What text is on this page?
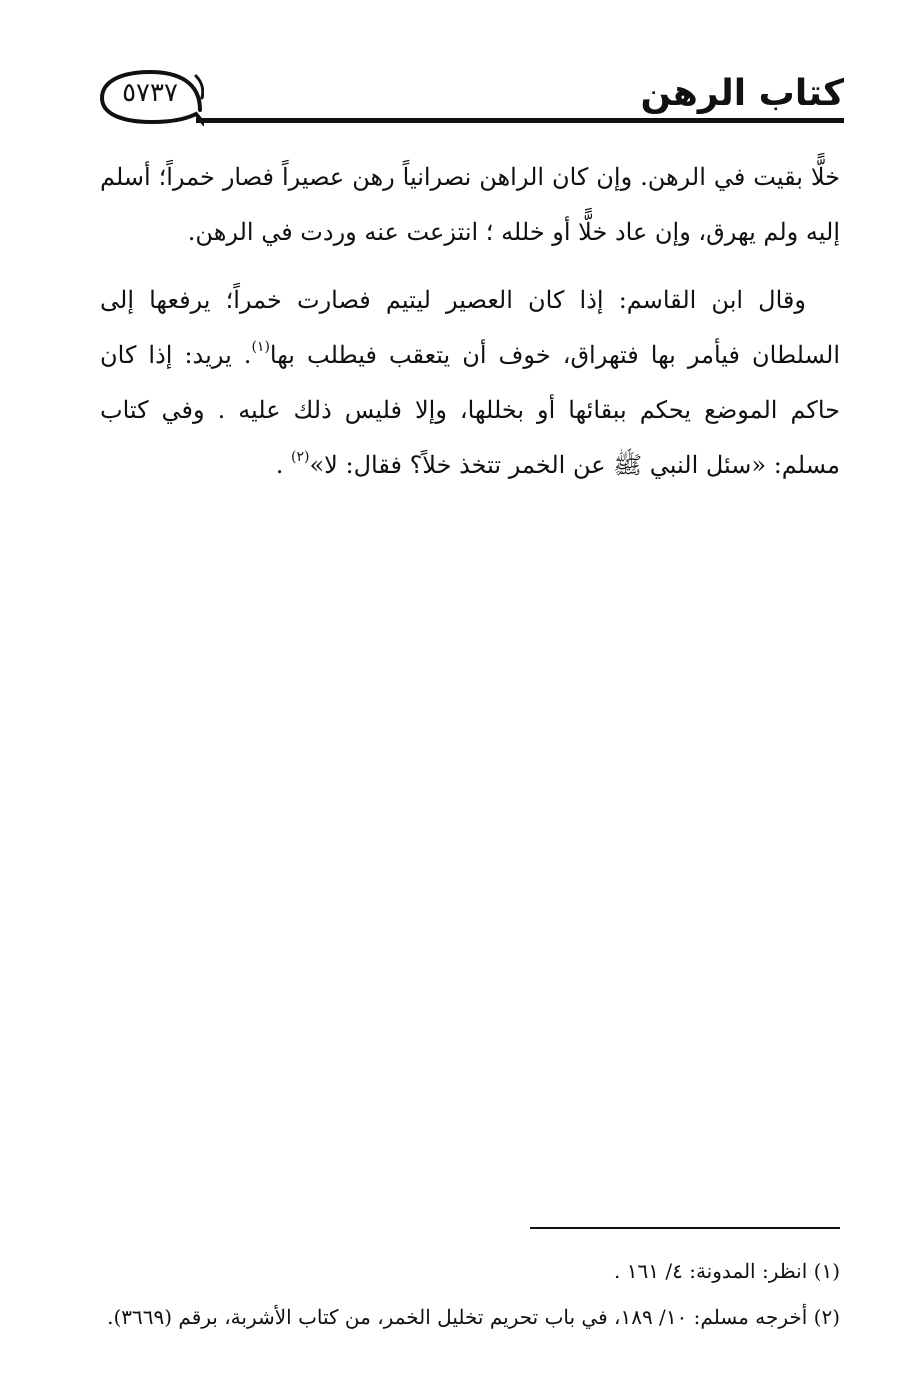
كتاب الرهن
٥٧٣٧

خلًّا بقيت في الرهن. وإن كان الراهن نصرانياً رهن عصيراً فصار خمراً؛ أسلم إليه ولم يهرق، وإن عاد خلًّا أو خلله ؛ انتزعت عنه وردت في الرهن.

وقال ابن القاسم: إذا كان العصير ليتيم فصارت خمراً؛ يرفعها إلى السلطان فيأمر بها فتهراق، خوف أن يتعقب فيطلب بها$^{(١)}$. يريد: إذا كان حاكم الموضع يحكم ببقائها أو بخللها، وإلا فليس ذلك عليه . وفي كتاب مسلم: «سئل النبي ﷺ عن الخمر تتخذ خلاً؟ فقال: لا»$^{(٢)}$ .

(١) انظر: المدونة: ٤/ ١٦١ .

(٢) أخرجه مسلم: ١٠/ ١٨٩، في باب تحريم تخليل الخمر، من كتاب الأشربة، برقم (٣٦٦٩).
